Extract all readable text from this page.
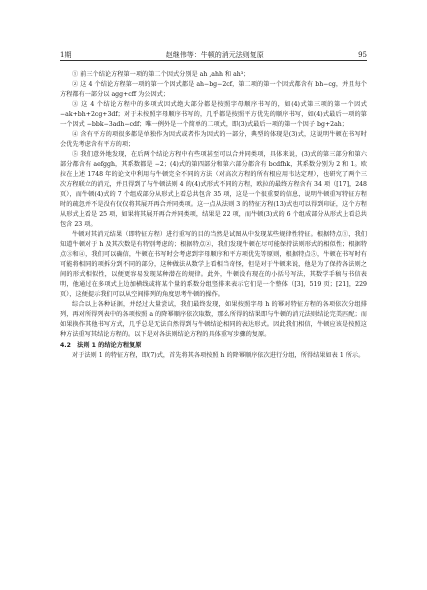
1期	赵继伟等：牛顿的消元法则复原	95

① 前三个结论方程第一项的第二个因式分别是 ah ,ahh 和 ah³；

② 这 4 个结论方程第一项的第一个因式都是 ah−bg−2cf，第二项的第一个因式都含有 bh−cg，并且每个方程都有一部分以 agg+cff 为公因式；

③ 这 4 个结论方程中的多项式因式绝大部分都是按照字母顺序书写的，如(4)式第三项的第一个因式 −ak+bh+2cg+3df；对于未按照字母顺序书写的，几乎都是按照平方优先的顺序书写，如(4)式最后一项的第一个因式 −bbk−3adh−cdf；唯一例外是一个简单的二项式，即(3)式最后一项的第一个因子 bg+2ah；

④ 含有平方的项很多都是单独作为因式或者作为因式的一部分，典型的体现是(3)式，这说明牛顿在书写时会优先考虑含有平方的项；

⑤ 我们意外地发现，在后两个结论方程中有些项甚至可以合并同类项，具体来说，(3)式的第三部分和第六部分都含有 aefggh，其系数都是 −2；(4)式的第四部分和第六部分都含有 bcdfhk，其系数分别为 2 和 1。欧拉在上述 1748 年的论文中利用与牛顿完全不同的方法（对高次方程的所有根应用韦达定理），也研究了两个三次方程联立的消元，并且得到了与牛顿法则 4 的(4)式形式不同的方程，欧拉的最终方程含有 34 项（[17]，248 页），而牛顿(4)式的 7 个组成部分从形式上看总共包含 35 项，这是一个很重要的信息，说明牛顿重写特征方程时的疏忽并不是没有仅仅将其展开再合并同类项。这一点从法则 3 的特征方程(13)式也可以得到印证，这个方程从形式上看是 25 项，如果将其展开再合并同类项，结果是 22 项，而牛顿(3)式的 6 个组成部分从形式上看总共包含 23 项。

牛顿对其消元结果（即特征方程）进行重写的目的当然是试图从中发现某些规律性特征。根据特点①，我们知道牛顿对于 h 及其次数是有特别考虑的；根据特点②，我们发现牛顿在尽可能保持法则形式的相似性；根据特点③和④，我们可以确信，牛顿在书写时会考虑到字母顺序和平方项优先等原则，根据特点⑤，牛顿在书写时有可能将相同的项拆分到不同的部分，这种做法从数学上看相当奇怪，但是对于牛顿来说，他是为了保持各法则之间的形式相似性，以便更容易发现某种潜在的规律。此外，牛顿没有现在的小括号写法，其数学手稿与书信表明，他通过在多项式上边加横线或将某个量的系数分组竖排来表示它们是一个整体（[3]，519 页；[21]，229 页），这便提示我们可以从空间排列的角度思考牛顿的操作。

综合以上各种证据，并经过大量尝试，我们最终发现，如果按照字母 h 的幂对特征方程的各项依次分组排列，再对所得列表中的各项按照 a 的降幂顺序依次取数，那么所得的结果即与牛顿的消元法则结论完美匹配；而如果换作其他书写方式，几乎总是无法自然得到与牛顿结论相同的表达形式。因此我们相信，牛顿应该是按照这种方法重写其结论方程的。以下是对各法则结论方程的具体重写步骤的复原。

4.2　法则 1 的结论方程复原

对于法则 1 的特征方程，即(7)式，首先将其各项按照 h 的降幂顺序依次进行分组，所得结果如表 1 所示。
